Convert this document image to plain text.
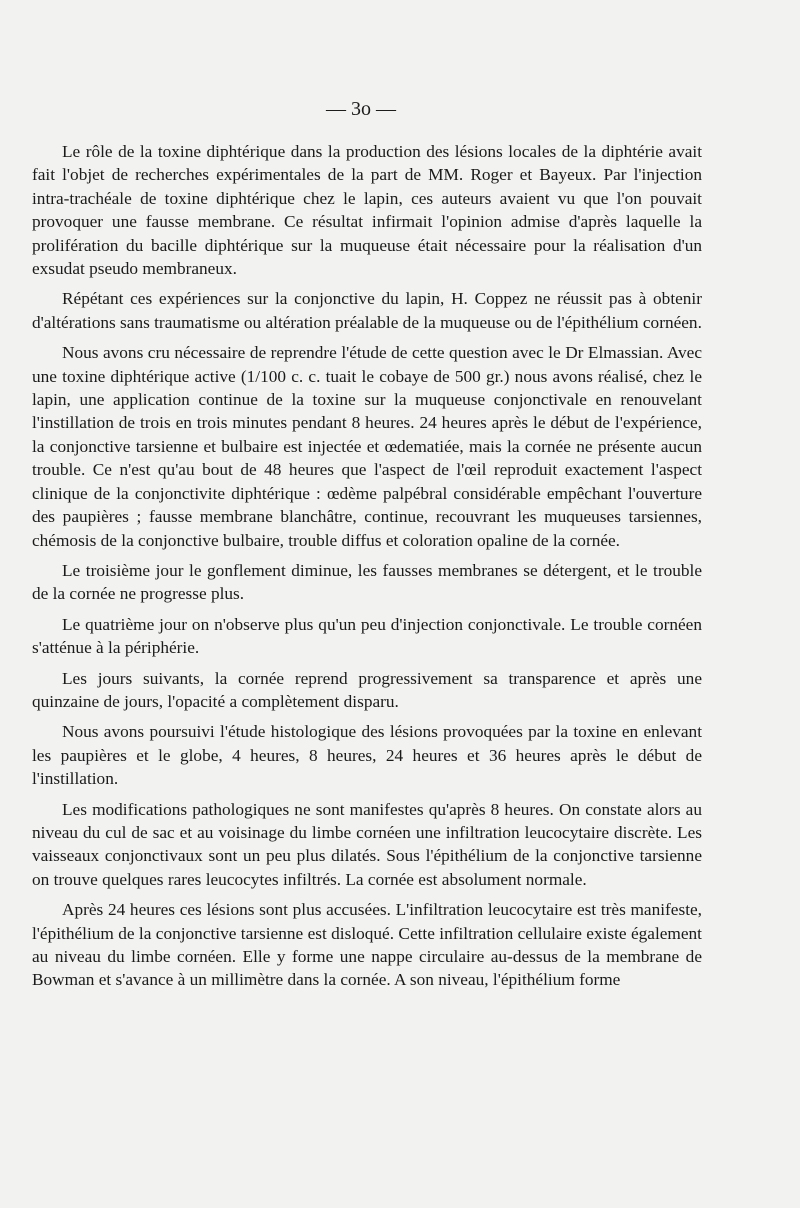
— 3o —

Le rôle de la toxine diphtérique dans la production des lésions locales de la diphtérie avait fait l'objet de recherches expérimentales de la part de MM. Roger et Bayeux. Par l'injection intra-trachéale de toxine diphtérique chez le lapin, ces auteurs avaient vu que l'on pouvait provoquer une fausse membrane. Ce résultat infirmait l'opinion admise d'après laquelle la prolifération du bacille diphtérique sur la muqueuse était nécessaire pour la réalisation d'un exsudat pseudo membraneux.

Répétant ces expériences sur la conjonctive du lapin, H. Coppez ne réussit pas à obtenir d'altérations sans traumatisme ou altération préalable de la muqueuse ou de l'épithélium cornéen.

Nous avons cru nécessaire de reprendre l'étude de cette question avec le Dr Elmassian. Avec une toxine diphtérique active (1/100 c. c. tuait le cobaye de 500 gr.) nous avons réalisé, chez le lapin, une application continue de la toxine sur la muqueuse conjonctivale en renouvelant l'instillation de trois en trois minutes pendant 8 heures. 24 heures après le début de l'expérience, la conjonctive tarsienne et bulbaire est injectée et œdematiée, mais la cornée ne présente aucun trouble. Ce n'est qu'au bout de 48 heures que l'aspect de l'œil reproduit exactement l'aspect clinique de la conjonctivite diphtérique : œdème palpébral considérable empêchant l'ouverture des paupières ; fausse membrane blanchâtre, continue, recouvrant les muqueuses tarsiennes, chémosis de la conjonctive bulbaire, trouble diffus et coloration opaline de la cornée.

Le troisième jour le gonflement diminue, les fausses membranes se détergent, et le trouble de la cornée ne progresse plus.

Le quatrième jour on n'observe plus qu'un peu d'injection conjonctivale. Le trouble cornéen s'atténue à la périphérie.

Les jours suivants, la cornée reprend progressivement sa transparence et après une quinzaine de jours, l'opacité a complètement disparu.

Nous avons poursuivi l'étude histologique des lésions provoquées par la toxine en enlevant les paupières et le globe, 4 heures, 8 heures, 24 heures et 36 heures après le début de l'instillation.

Les modifications pathologiques ne sont manifestes qu'après 8 heures. On constate alors au niveau du cul de sac et au voisinage du limbe cornéen une infiltration leucocytaire discrète. Les vaisseaux conjonctivaux sont un peu plus dilatés. Sous l'épithélium de la conjonctive tarsienne on trouve quelques rares leucocytes infiltrés. La cornée est absolument normale.

Après 24 heures ces lésions sont plus accusées. L'infiltration leucocytaire est très manifeste, l'épithélium de la conjonctive tarsienne est disloqué. Cette infiltration cellulaire existe également au niveau du limbe cornéen. Elle y forme une nappe circulaire au-dessus de la membrane de Bowman et s'avance à un millimètre dans la cornée. A son niveau, l'épithélium forme
